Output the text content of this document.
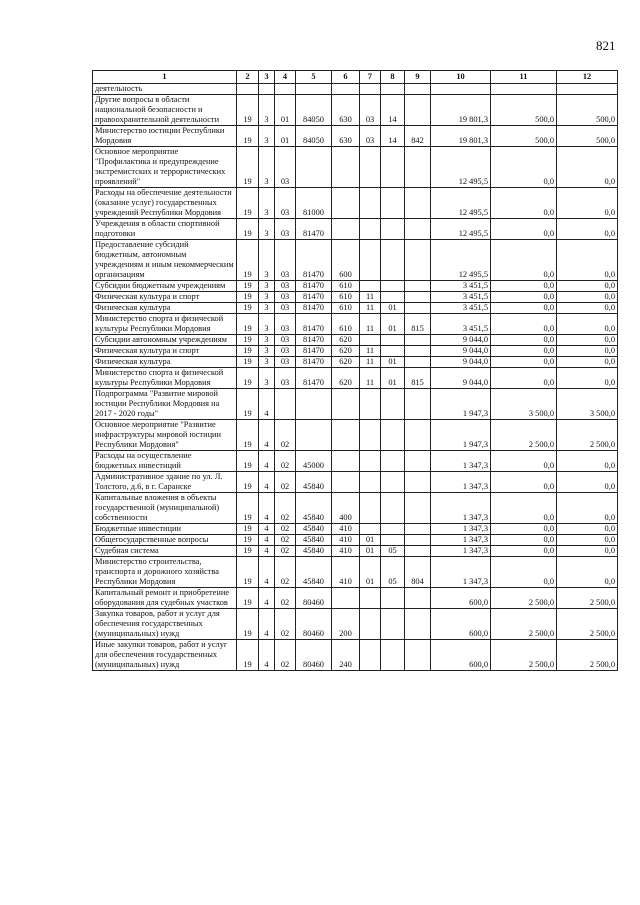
821
1	2	3	4	5	6	7	8	9	10	11	12
деятельность											
Другие вопросы в области национальной безопасности и правоохранительной деятельности	19	3	01	84050	630	03	14		19 801,3	500,0	500,0
Министерство юстиции Республики Мордовия	19	3	01	84050	630	03	14	842	19 801,3	500,0	500,0
Основное мероприятие "Профилактика и предупреждение экстремистских и террористических проявлений"	19	3	03						12 495,5	0,0	0,0
Расходы на обеспечение деятельности (оказание услуг) государственных учреждений Республики Мордовия	19	3	03	81000					12 495,5	0,0	0,0
Учреждения в области спортивной подготовки	19	3	03	81470					12 495,5	0,0	0,0
Предоставление субсидий бюджетным, автономным учреждениям и иным некоммерческим организациям	19	3	03	81470	600				12 495,5	0,0	0,0
Субсидии бюджетным учреждениям	19	3	03	81470	610				3 451,5	0,0	0,0
Физическая культура и спорт	19	3	03	81470	610	11			3 451,5	0,0	0,0
Физическая культура	19	3	03	81470	610	11	01		3 451,5	0,0	0,0
Министерство спорта и физической культуры Республики Мордовия	19	3	03	81470	610	11	01	815	3 451,5	0,0	0,0
Субсидии автономным учреждениям	19	3	03	81470	620				9 044,0	0,0	0,0
Физическая культура и спорт	19	3	03	81470	620	11			9 044,0	0,0	0,0
Физическая культура	19	3	03	81470	620	11	01		9 044,0	0,0	0,0
Министерство спорта и физической культуры Республики Мордовия	19	3	03	81470	620	11	01	815	9 044,0	0,0	0,0
Подпрограмма "Развитие мировой юстиции Республики Мордовия на 2017 - 2020 годы"	19	4							1 947,3	3 500,0	3 500,0
Основное мероприятие "Развитие инфраструктуры мировой юстиции Республики Мордовия"	19	4	02						1 947,3	2 500,0	2 500,0
Расходы на осуществление бюджетных инвестиций	19	4	02	45000					1 347,3	0,0	0,0
Административное здание по ул. Л. Толстого, д.6, в г. Саранске	19	4	02	45840					1 347,3	0,0	0,0
Капитальные вложения в объекты государственной (муниципальной) собственности	19	4	02	45840	400				1 347,3	0,0	0,0
Бюджетные инвестиции	19	4	02	45840	410				1 347,3	0,0	0,0
Общегосударственные вопросы	19	4	02	45840	410	01			1 347,3	0,0	0,0
Судебная система	19	4	02	45840	410	01	05		1 347,3	0,0	0,0
Министерство строительства, транспорта и дорожного хозяйства Республики Мордовия	19	4	02	45840	410	01	05	804	1 347,3	0,0	0,0
Капитальный ремонт и приобретение оборудования для судебных участков	19	4	02	80460					600,0	2 500,0	2 500,0
Закупка товаров, работ и услуг для обеспечения государственных (муниципальных) нужд	19	4	02	80460	200				600,0	2 500,0	2 500,0
Иные закупки товаров, работ и услуг для обеспечения государственных (муниципальных) нужд	19	4	02	80460	240				600,0	2 500,0	2 500,0
